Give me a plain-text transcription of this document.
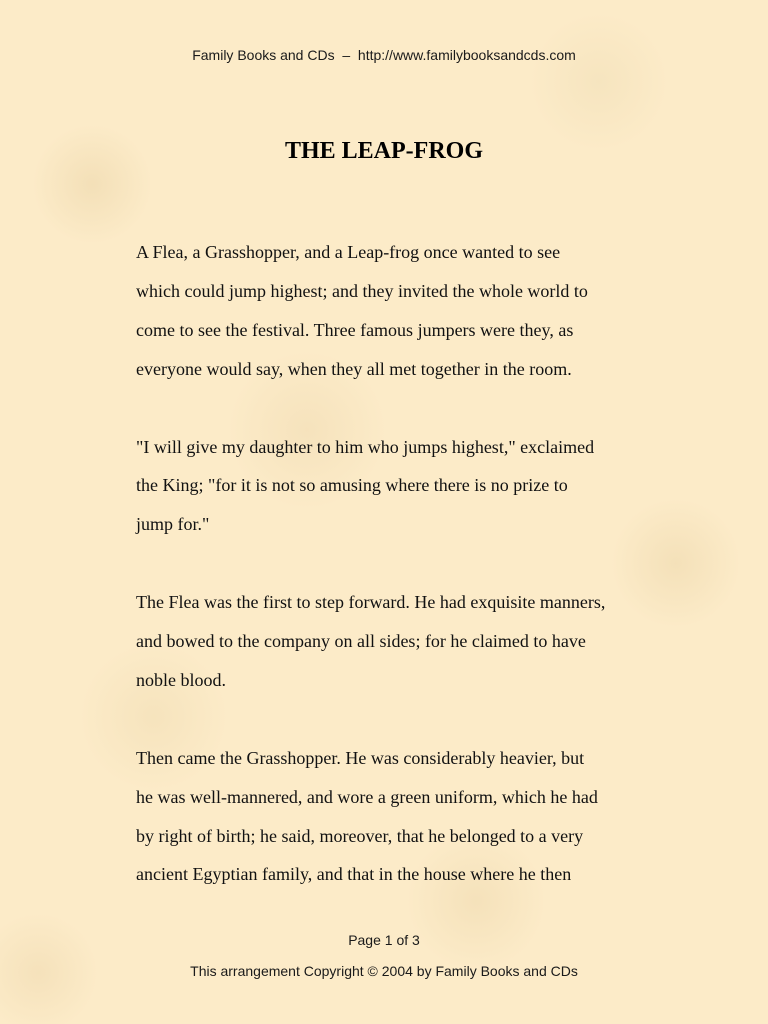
Family Books and CDs  –  http://www.familybooksandcds.com
THE LEAP-FROG

A Flea, a Grasshopper, and a Leap-frog once wanted to see
which could jump highest; and they invited the whole world to
come to see the festival. Three famous jumpers were they, as
everyone would say, when they all met together in the room.

"I will give my daughter to him who jumps highest," exclaimed
the King; "for it is not so amusing where there is no prize to
jump for."

The Flea was the first to step forward. He had exquisite manners,
and bowed to the company on all sides; for he claimed to have
noble blood.

Then came the Grasshopper. He was considerably heavier, but
he was well-mannered, and wore a green uniform, which he had
by right of birth; he said, moreover, that he belonged to a very
ancient Egyptian family, and that in the house where he then

Page 1 of 3
This arrangement Copyright © 2004 by Family Books and CDs
